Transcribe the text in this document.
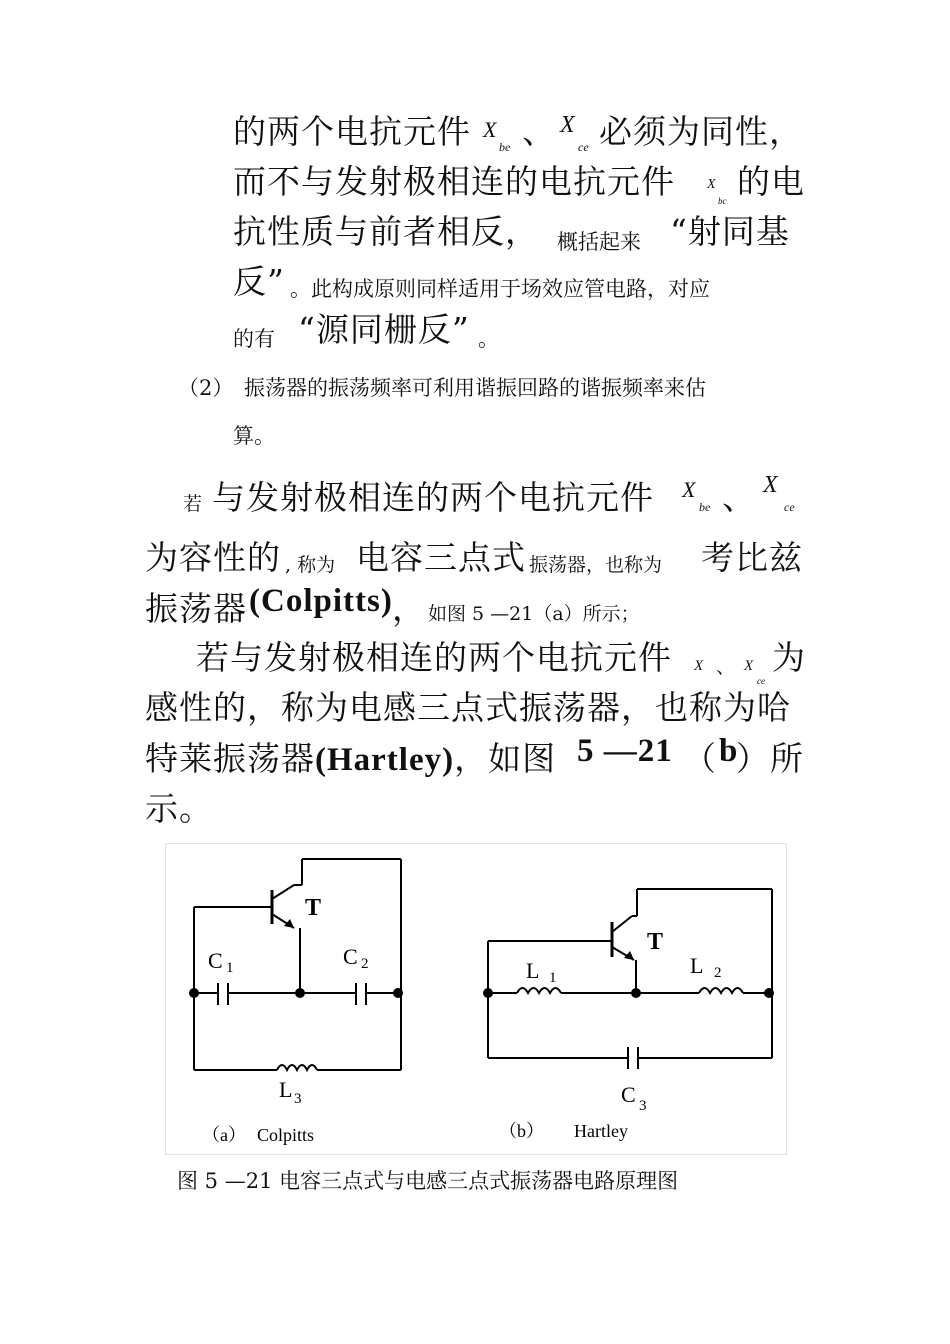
的两个电抗元件 X
be 、 X
ce 必须为同性，
而不与发射极相连的电抗元件 X
bc 的电
抗性质与前者相反， 概括起来 “射同基
反” 。此构成原则同样适用于场效应管电路，对应
的有 “源同栅反” 。
（2） 振荡器的振荡频率可利用谐振回路的谐振频率来估
算。
若 与发射极相连的两个电抗元件 X
be 、 X
ce
为容性的 , 称为 电容三点式 振荡器，也称为 考比兹
振荡器 (Colpitts) ， 如图 5 —21（a）所示；
若与发射极相连的两个电抗元件 X 、 X
ce
为
感性的，称为电感三点式振荡器，也称为哈
特莱振荡器(Hartley)，如图 5 —21 （ b
）所
示。
T
C 1	C 2
L 3
（a） Colpitts
T
L 1	L 2
C 3
（b） Hartley
图 5 —21 电容三点式与电感三点式振荡器电路原理图
